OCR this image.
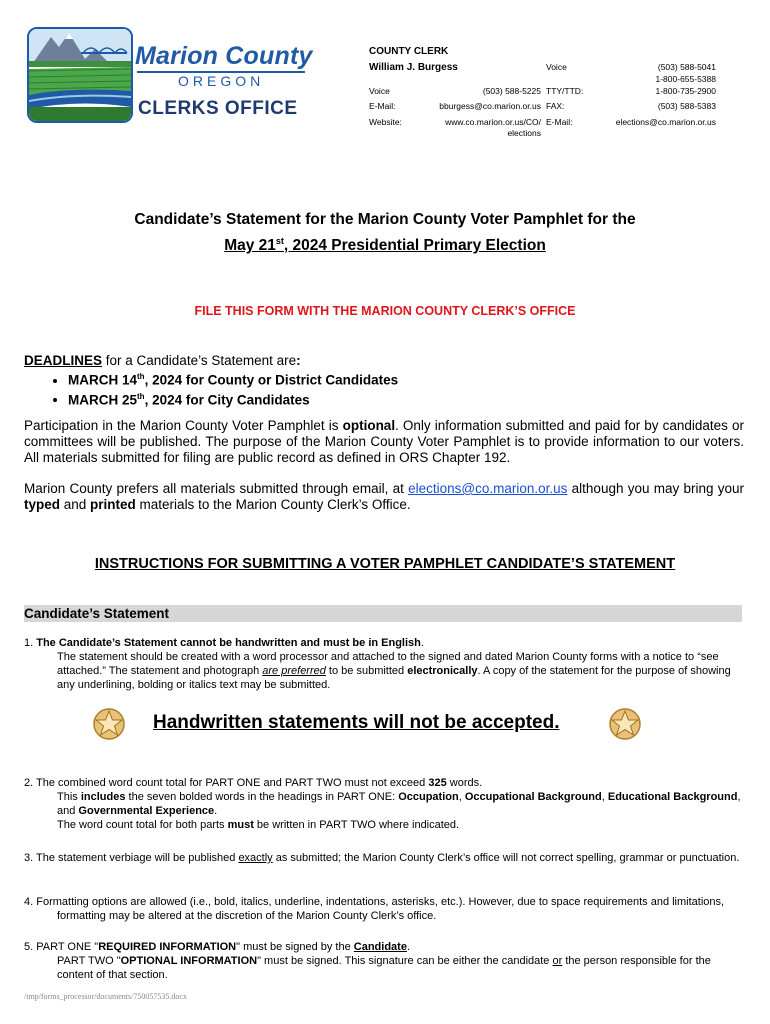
Marion County
OREGON
CLERKS OFFICE
COUNTY CLERK
William J. Burgess
Voice	(503) 588-5225
E-Mail:	bburgess@co.marion.or.us
Website:	www.co.marion.or.us/CO/
elections
Voice	(503) 588-5041
1-800-655-5388
TTY/TTD:	1-800-735-2900
FAX:	(503) 588-5383
E-Mail:	elections@co.marion.or.us
Candidate’s Statement for the Marion County Voter Pamphlet for the
May 21st, 2024 Presidential Primary Election
FILE THIS FORM WITH THE MARION COUNTY CLERK’S OFFICE
DEADLINES for a Candidate’s Statement are:
• MARCH 14th, 2024 for County or District Candidates
• MARCH 25th, 2024 for City Candidates
Participation in the Marion County Voter Pamphlet is optional. Only information submitted and paid for by candidates or committees will be published. The purpose of the Marion County Voter Pamphlet is to provide information to our voters. All materials submitted for filing are public record as defined in ORS Chapter 192.
Marion County prefers all materials submitted through email, at elections@co.marion.or.us although you may bring your typed and printed materials to the Marion County Clerk’s Office.
INSTRUCTIONS FOR SUBMITTING A VOTER PAMPHLET CANDIDATE’S STATEMENT
Candidate’s Statement
1. The Candidate’s Statement cannot be handwritten and must be in English.
The statement should be created with a word processor and attached to the signed and dated Marion County forms with a notice to “see attached.” The statement and photograph are preferred to be submitted electronically. A copy of the statement for the purpose of showing any underlining, bolding or italics text may be submitted.
Handwritten statements will not be accepted.
2. The combined word count total for PART ONE and PART TWO must not exceed 325 words.
This includes the seven bolded words in the headings in PART ONE: Occupation, Occupational Background, Educational Background, and Governmental Experience.
The word count total for both parts must be written in PART TWO where indicated.
3. The statement verbiage will be published exactly as submitted; the Marion County Clerk’s office will not correct spelling, grammar or punctuation.
4. Formatting options are allowed (i.e., bold, italics, underline, indentations, asterisks, etc.). However, due to space requirements and limitations, formatting may be altered at the discretion of the Marion County Clerk’s office.
5. PART ONE "REQUIRED INFORMATION" must be signed by the Candidate.
PART TWO "OPTIONAL INFORMATION" must be signed. This signature can be either the candidate or the person responsible for the content of that section.
/tmp/forms_processor/documents/750057535.docx
